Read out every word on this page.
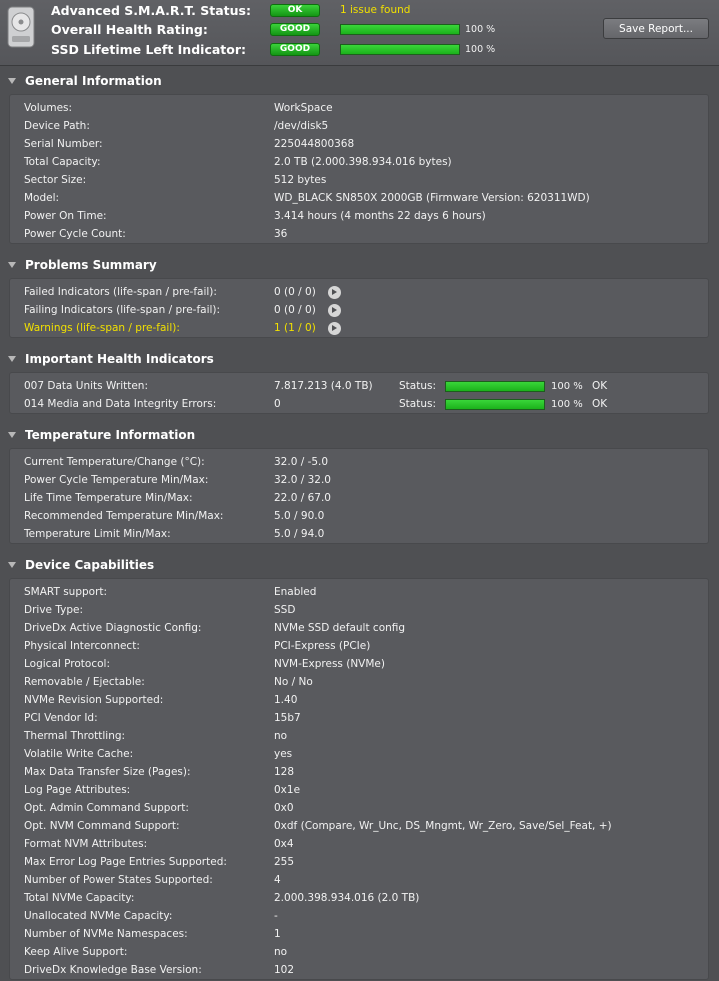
Advanced S.M.A.R.T. Status:	OK	1 issue found
Overall Health Rating:	GOOD	100 %
SSD Lifetime Left Indicator:	GOOD	100 %
Save Report...
General Information
Volumes:	WorkSpace
Device Path:	/dev/disk5
Serial Number:	225044800368
Total Capacity:	2.0 TB (2.000.398.934.016 bytes)
Sector Size:	512 bytes
Model:	WD_BLACK SN850X 2000GB (Firmware Version: 620311WD)
Power On Time:	3.414 hours (4 months 22 days 6 hours)
Power Cycle Count:	36
Problems Summary
Failed Indicators (life-span / pre-fail):	0 (0 / 0)
Failing Indicators (life-span / pre-fail):	0 (0 / 0)
Warnings (life-span / pre-fail):	1 (1 / 0)
Important Health Indicators
007 Data Units Written:	7.817.213 (4.0 TB)	Status:	100 % OK
014 Media and Data Integrity Errors:	0	Status:	100 % OK
Temperature Information
Current Temperature/Change (°C):	32.0 / -5.0
Power Cycle Temperature Min/Max:	32.0 / 32.0
Life Time Temperature Min/Max:	22.0 / 67.0
Recommended Temperature Min/Max:	5.0 / 90.0
Temperature Limit Min/Max:	5.0 / 94.0
Device Capabilities
SMART support:	Enabled
Drive Type:	SSD
DriveDx Active Diagnostic Config:	NVMe SSD default config
Physical Interconnect:	PCI-Express (PCIe)
Logical Protocol:	NVM-Express (NVMe)
Removable / Ejectable:	No / No
NVMe Revision Supported:	1.40
PCI Vendor Id:	15b7
Thermal Throttling:	no
Volatile Write Cache:	yes
Max Data Transfer Size (Pages):	128
Log Page Attributes:	0x1e
Opt. Admin Command Support:	0x0
Opt. NVM Command Support:	0xdf (Compare, Wr_Unc, DS_Mngmt, Wr_Zero, Save/Sel_Feat, +)
Format NVM Attributes:	0x4
Max Error Log Page Entries Supported:	255
Number of Power States Supported:	4
Total NVMe Capacity:	2.000.398.934.016 (2.0 TB)
Unallocated NVMe Capacity:	-
Number of NVMe Namespaces:	1
Keep Alive Support:	no
DriveDx Knowledge Base Version:	102
